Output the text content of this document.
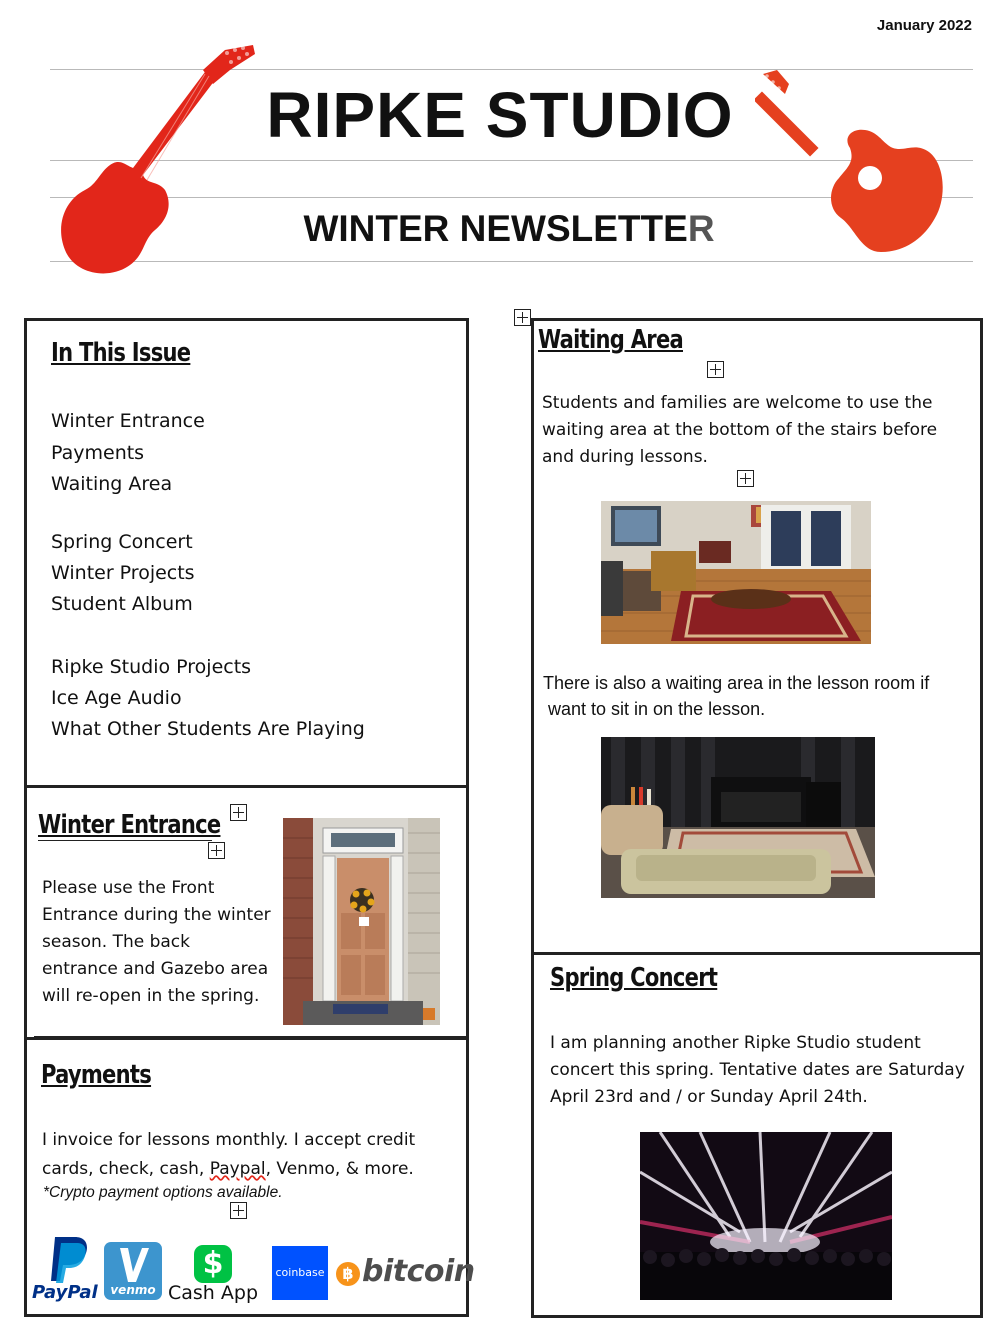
January 2022
RIPKE STUDIO
WINTER NEWSLETTER
In This Issue
Winter Entrance
Payments
Waiting Area
Spring Concert
Winter Projects
Student Album
Ripke Studio Projects
Ice Age Audio
What Other Students Are Playing
Winter Entrance
Please use the Front
Entrance during the winter
season. The back
entrance and Gazebo area
will re-open in the spring.
Payments
I invoice for lessons monthly. I accept credit
cards, check, cash, Paypal, Venmo, & more.
*Crypto payment options available.
PayPal	venmo
$
Cash App
coinbase	฿ bitcoin
Waiting Area
Students and families are welcome to use the
waiting area at the bottom of the stairs before
and during lessons.
There is also a waiting area in the lesson room if
want to sit in on the lesson.
Spring Concert
I am planning another Ripke Studio student
concert this spring. Tentative dates are Saturday
April 23rd and / or Sunday April 24th.
